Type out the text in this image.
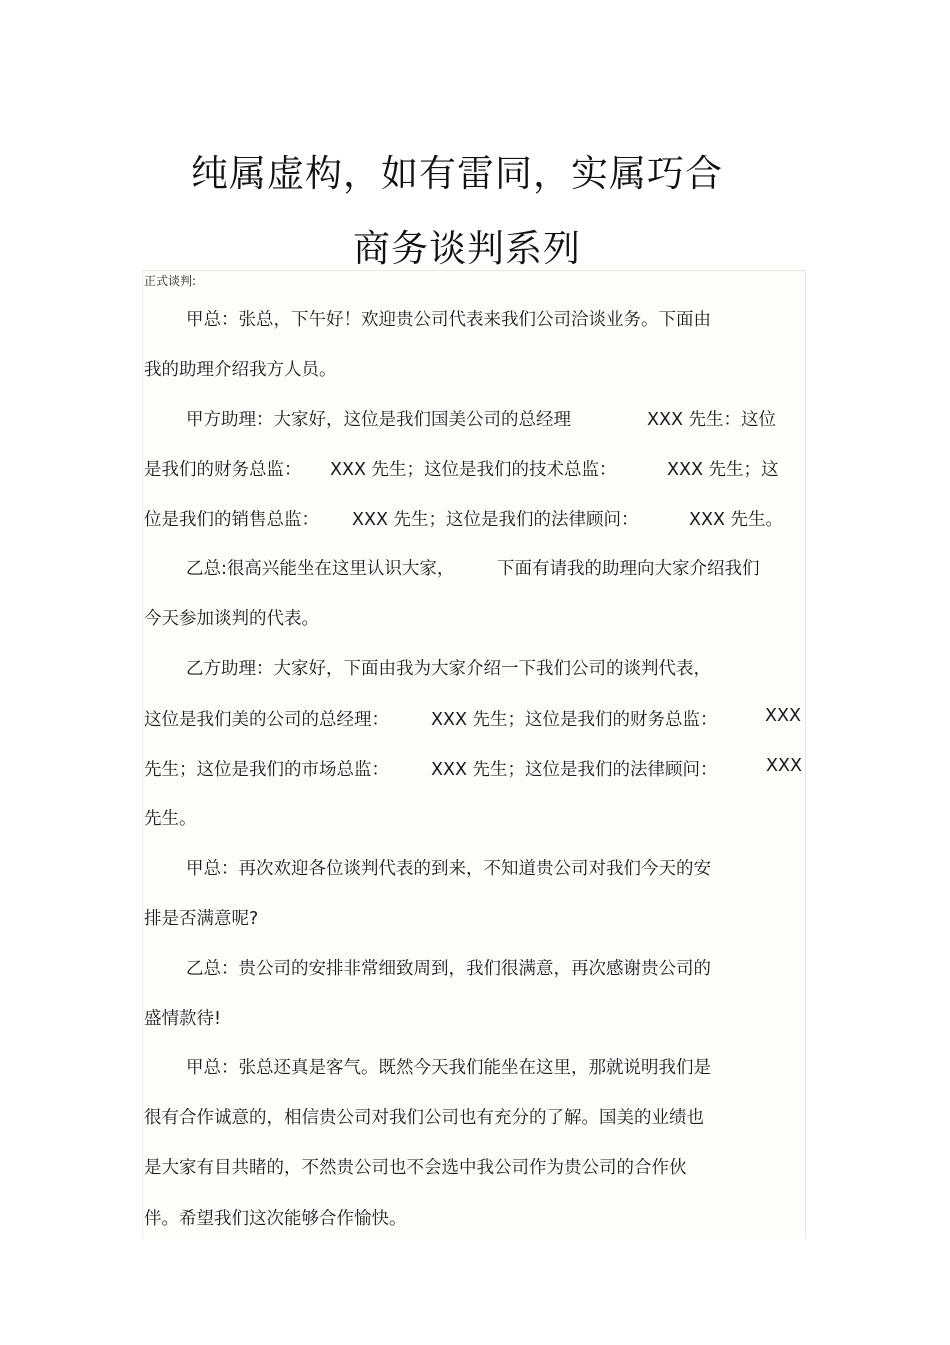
纯属虚构，如有雷同，实属巧合
商务谈判系列
正式谈判:
甲总：张总，下午好！欢迎贵公司代表来我们公司洽谈业务。下面由
我的助理介绍我方人员。
甲方助理：大家好，这位是我们国美公司的总经理	XXX 先生：这位
是我们的财务总监： XXX 先生；这位是我们的技术总监：	XXX 先生；这
位是我们的销售总监： XXX 先生；这位是我们的法律顾问：	XXX 先生。
乙总:很高兴能坐在这里认识大家， 下面有请我的助理向大家介绍我们
今天参加谈判的代表。
乙方助理：大家好，下面由我为大家介绍一下我们公司的谈判代表，
这位是我们美的公司的总经理： XXX 先生；这位是我们的财务总监：	XXX
先生；这位是我们的市场总监： XXX 先生；这位是我们的法律顾问：	XXX
先生。
甲总：再次欢迎各位谈判代表的到来，不知道贵公司对我们今天的安
排是否满意呢?
乙总：贵公司的安排非常细致周到，我们很满意，再次感谢贵公司的
盛情款待!
甲总：张总还真是客气。既然今天我们能坐在这里，那就说明我们是
很有合作诚意的，相信贵公司对我们公司也有充分的了解。国美的业绩也
是大家有目共睹的，不然贵公司也不会选中我公司作为贵公司的合作伙
伴。希望我们这次能够合作愉快。
